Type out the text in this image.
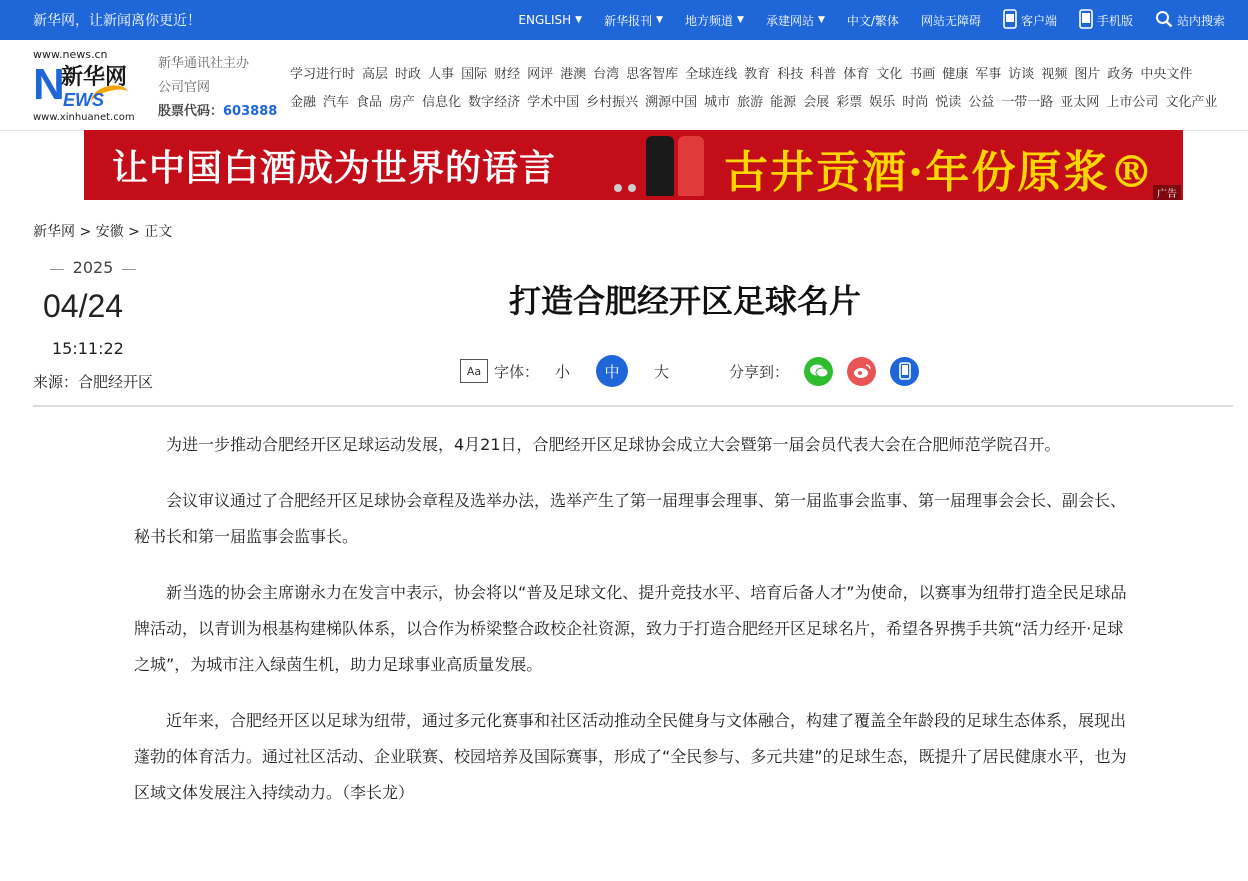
新华网，让新闻离你更近！	ENGLISH ▼ 新华报刊 ▼ 地方频道 ▼ 承建网站 ▼ 中文/繁体 网站无障碍	客户端	手机版	站内搜索
www.news.cn
N
新华网
EWS
www.xinhuanet.com
新华通讯社主办
公司官网
股票代码：603888
学习进行时 高层 时政 人事 国际 财经 网评 港澳 台湾 思客智库 全球连线 教育 科技 科普 体育 文化 书画 健康 军事 访谈 视频 图片 政务 中央文件
金融 汽车 食品 房产 信息化 数字经济 学术中国 乡村振兴 溯源中国 城市 旅游 能源 会展 彩票 娱乐 时尚 悦读 公益 一带一路 亚太网 上市公司 文化产业
让中国白酒成为世界的语言	古井贡酒·年份原浆® 广告
新华网 > 安徽 > 正文
2025
04/24
15:11:22
来源：合肥经开区
打造合肥经开区足球名片
Aa 字体： 小	中	大	分享到：

为进一步推动合肥经开区足球运动发展，4月21日，合肥经开区足球协会成立大会暨第一届会员代表大会在合肥师范学院召开。

会议审议通过了合肥经开区足球协会章程及选举办法，选举产生了第一届理事会理事、第一届监事会监事、第一届理事会会长、副会长、秘书长和第一届监事会监事长。

新当选的协会主席谢永力在发言中表示，协会将以“普及足球文化、提升竞技水平、培育后备人才”为使命，以赛事为纽带打造全民足球品牌活动，以青训为根基构建梯队体系，以合作为桥梁整合政校企社资源，致力于打造合肥经开区足球名片，希望各界携手共筑“活力经开·足球之城”，为城市注入绿茵生机，助力足球事业高质量发展。

近年来，合肥经开区以足球为纽带，通过多元化赛事和社区活动推动全民健身与文体融合，构建了覆盖全年龄段的足球生态体系，展现出蓬勃的体育活力。通过社区活动、企业联赛、校园培养及国际赛事，形成了“全民参与、多元共建”的足球生态，既提升了居民健康水平，也为区域文体发展注入持续动力。（李长龙）
